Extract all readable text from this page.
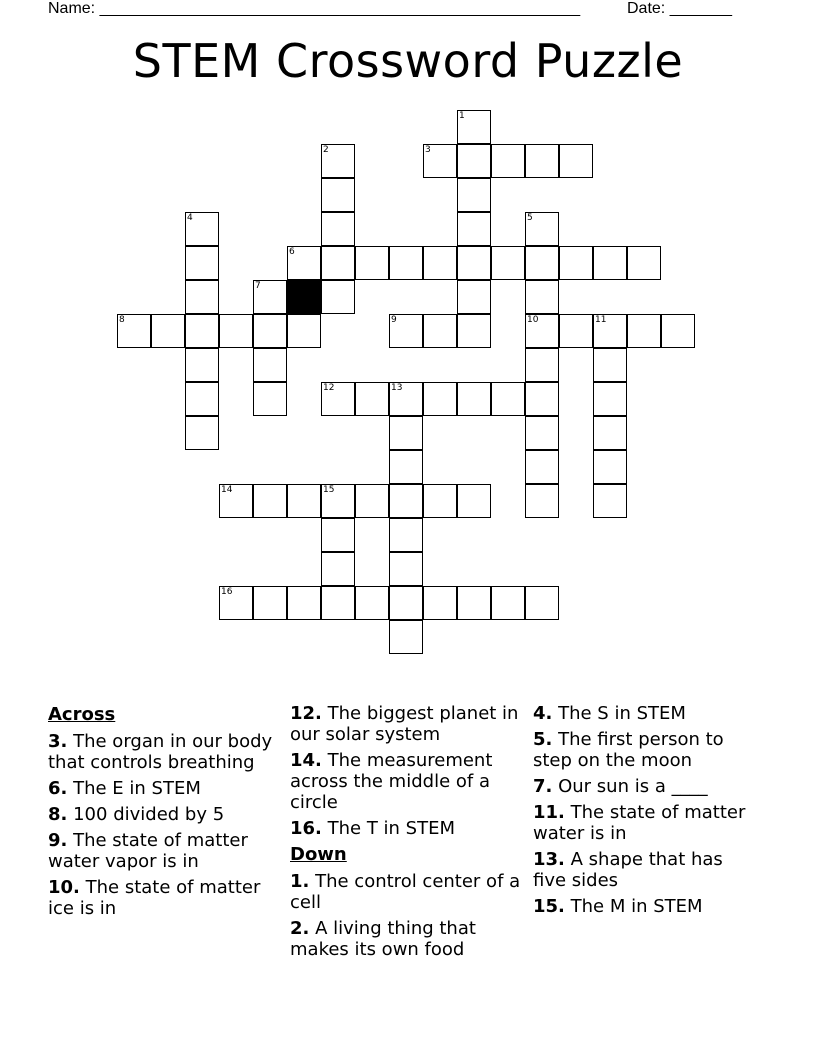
Name: ______________________________________________________	Date: _______
STEM Crossword Puzzle
1
2	3
4	5
6
7
8	9	10	11
12	13
14	15
16
Across
3. The organ in our body that controls breathing
6. The E in STEM
8. 100 divided by 5
9. The state of matter water vapor is in
10. The state of matter ice is in
12. The biggest planet in our solar system
14. The measurement across the middle of a circle
16. The T in STEM
Down
1. The control center of a cell
2. A living thing that makes its own food
4. The S in STEM
5. The first person to step on the moon
7. Our sun is a ____
11. The state of matter water is in
13. A shape that has five sides
15. The M in STEM
